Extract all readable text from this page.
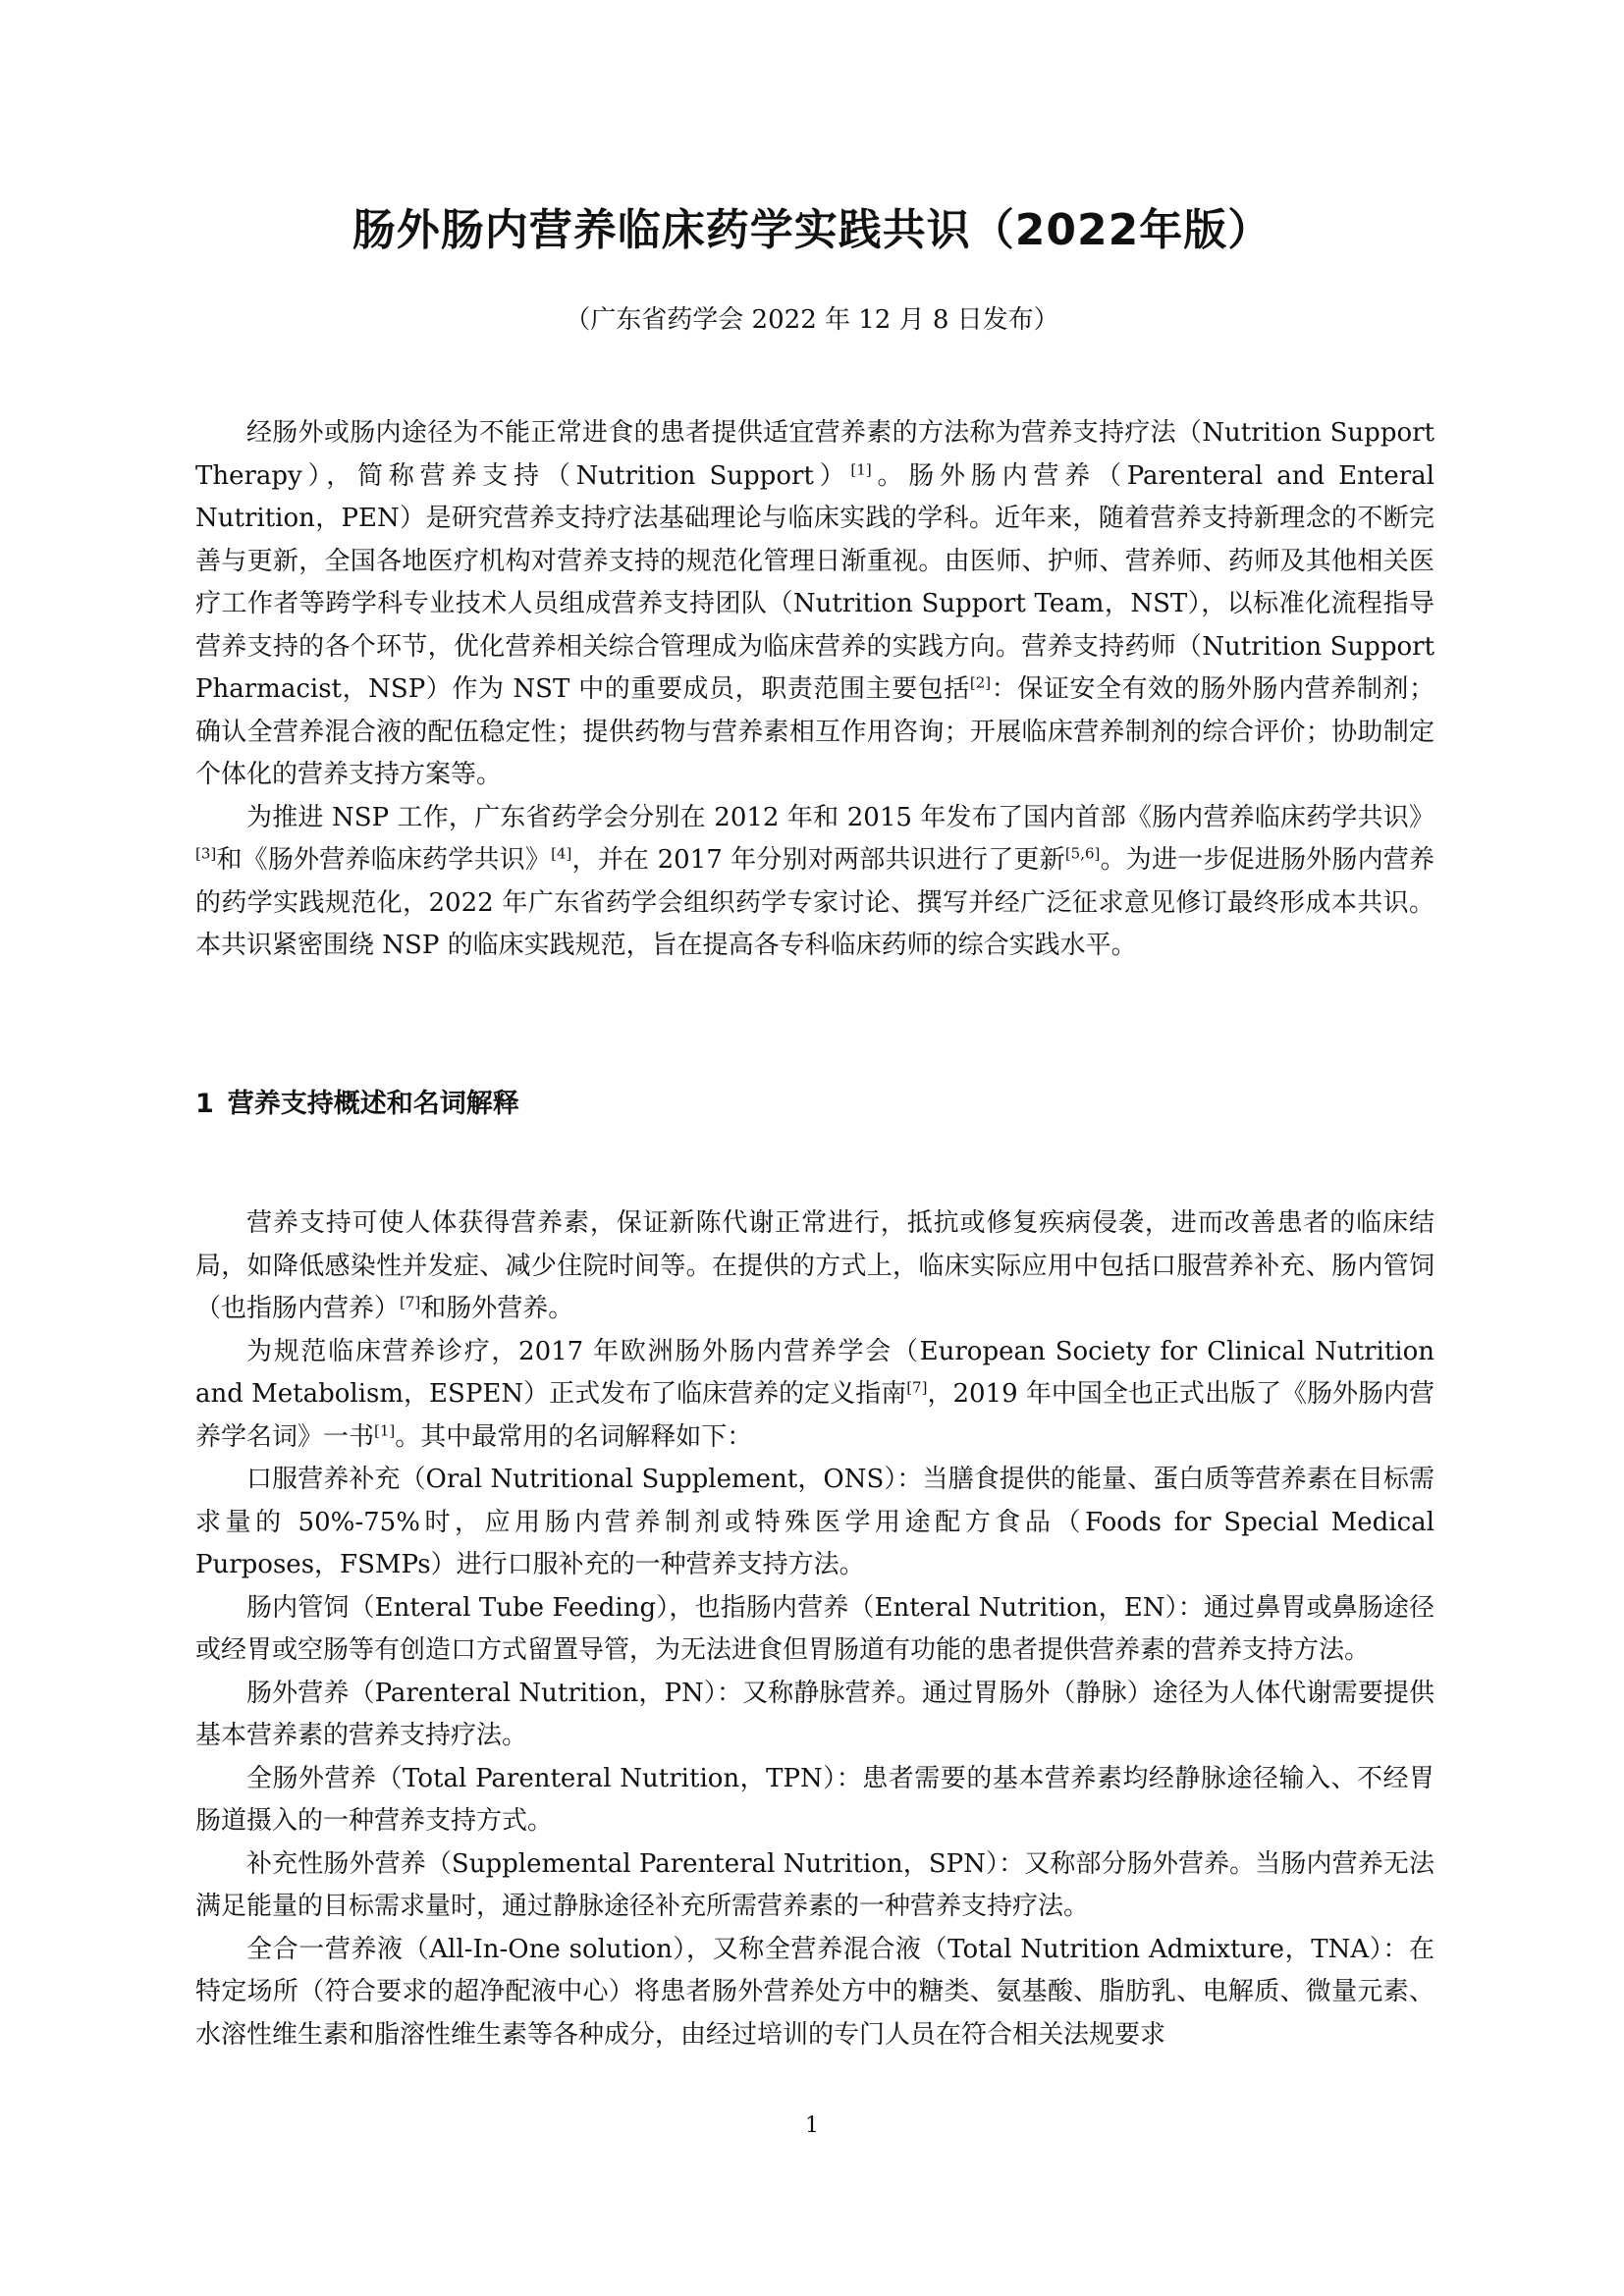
肠外肠内营养临床药学实践共识（2022年版）
（广东省药学会 2022 年 12 月 8 日发布）

经肠外或肠内途径为不能正常进食的患者提供适宜营养素的方法称为营养支持疗法（Nutrition Support Therapy），简称营养支持（Nutrition Support）[1]。肠外肠内营养（Parenteral and Enteral Nutrition，PEN）是研究营养支持疗法基础理论与临床实践的学科。近年来，随着营养支持新理念的不断完善与更新，全国各地医疗机构对营养支持的规范化管理日渐重视。由医师、护师、营养师、药师及其他相关医疗工作者等跨学科专业技术人员组成营养支持团队（Nutrition Support Team，NST），以标准化流程指导营养支持的各个环节，优化营养相关综合管理成为临床营养的实践方向。营养支持药师（Nutrition Support Pharmacist，NSP）作为 NST 中的重要成员，职责范围主要包括[2]：保证安全有效的肠外肠内营养制剂；确认全营养混合液的配伍稳定性；提供药物与营养素相互作用咨询；开展临床营养制剂的综合评价；协助制定个体化的营养支持方案等。

为推进 NSP 工作，广东省药学会分别在 2012 年和 2015 年发布了国内首部《肠内营养临床药学共识》[3]和《肠外营养临床药学共识》[4]，并在 2017 年分别对两部共识进行了更新[5,6]。为进一步促进肠外肠内营养的药学实践规范化，2022 年广东省药学会组织药学专家讨论、撰写并经广泛征求意见修订最终形成本共识。本共识紧密围绕 NSP 的临床实践规范，旨在提高各专科临床药师的综合实践水平。

1 营养支持概述和名词解释

营养支持可使人体获得营养素，保证新陈代谢正常进行，抵抗或修复疾病侵袭，进而改善患者的临床结局，如降低感染性并发症、减少住院时间等。在提供的方式上，临床实际应用中包括口服营养补充、肠内管饲（也指肠内营养）[7]和肠外营养。

为规范临床营养诊疗，2017 年欧洲肠外肠内营养学会（European Society for Clinical Nutrition and Metabolism，ESPEN）正式发布了临床营养的定义指南[7]，2019 年中国全也正式出版了《肠外肠内营养学名词》一书[1]。其中最常用的名词解释如下：

口服营养补充（Oral Nutritional Supplement，ONS）：当膳食提供的能量、蛋白质等营养素在目标需求量的 50%-75%时，应用肠内营养制剂或特殊医学用途配方食品（Foods for Special Medical Purposes，FSMPs）进行口服补充的一种营养支持方法。

肠内管饲（Enteral Tube Feeding），也指肠内营养（Enteral Nutrition，EN）：通过鼻胃或鼻肠途径或经胃或空肠等有创造口方式留置导管，为无法进食但胃肠道有功能的患者提供营养素的营养支持方法。

肠外营养（Parenteral Nutrition，PN）：又称静脉营养。通过胃肠外（静脉）途径为人体代谢需要提供基本营养素的营养支持疗法。

全肠外营养（Total Parenteral Nutrition，TPN）：患者需要的基本营养素均经静脉途径输入、不经胃肠道摄入的一种营养支持方式。

补充性肠外营养（Supplemental Parenteral Nutrition，SPN）：又称部分肠外营养。当肠内营养无法满足能量的目标需求量时，通过静脉途径补充所需营养素的一种营养支持疗法。

全合一营养液（All-In-One solution），又称全营养混合液（Total Nutrition Admixture，TNA）：在特定场所（符合要求的超净配液中心）将患者肠外营养处方中的糖类、氨基酸、脂肪乳、电解质、微量元素、水溶性维生素和脂溶性维生素等各种成分，由经过培训的专门人员在符合相关法规要求

1
